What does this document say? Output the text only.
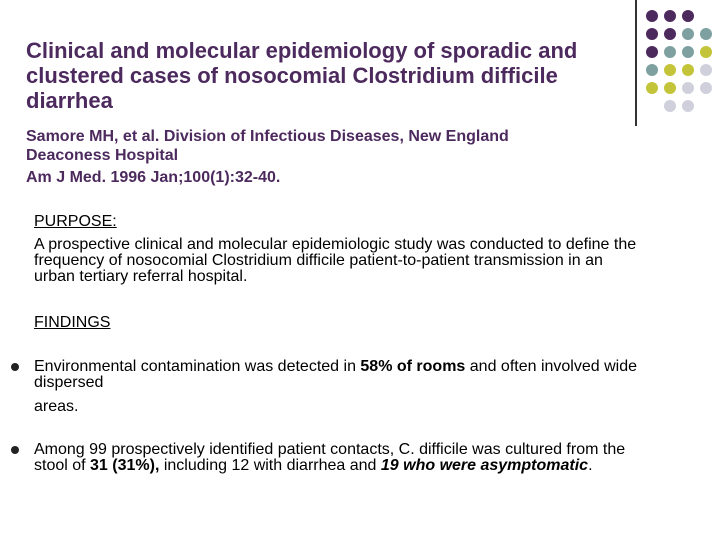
Clinical and molecular epidemiology of sporadic and clustered cases of nosocomial Clostridium difficile diarrhea
Samore MH, et al. Division of Infectious Diseases, New England
Deaconess Hospital
Am J Med. 1996 Jan;100(1):32-40.
PURPOSE:
A prospective clinical and molecular epidemiologic study was conducted to define the frequency of nosocomial Clostridium difficile patient-to-patient transmission in an urban tertiary referral hospital.
FINDINGS
Environmental contamination was detected in 58% of rooms and often involved wide dispersed
areas.
Among 99 prospectively identified patient contacts, C. difficile was cultured from the stool of 31 (31%), including 12 with diarrhea and 19 who were asymptomatic.
